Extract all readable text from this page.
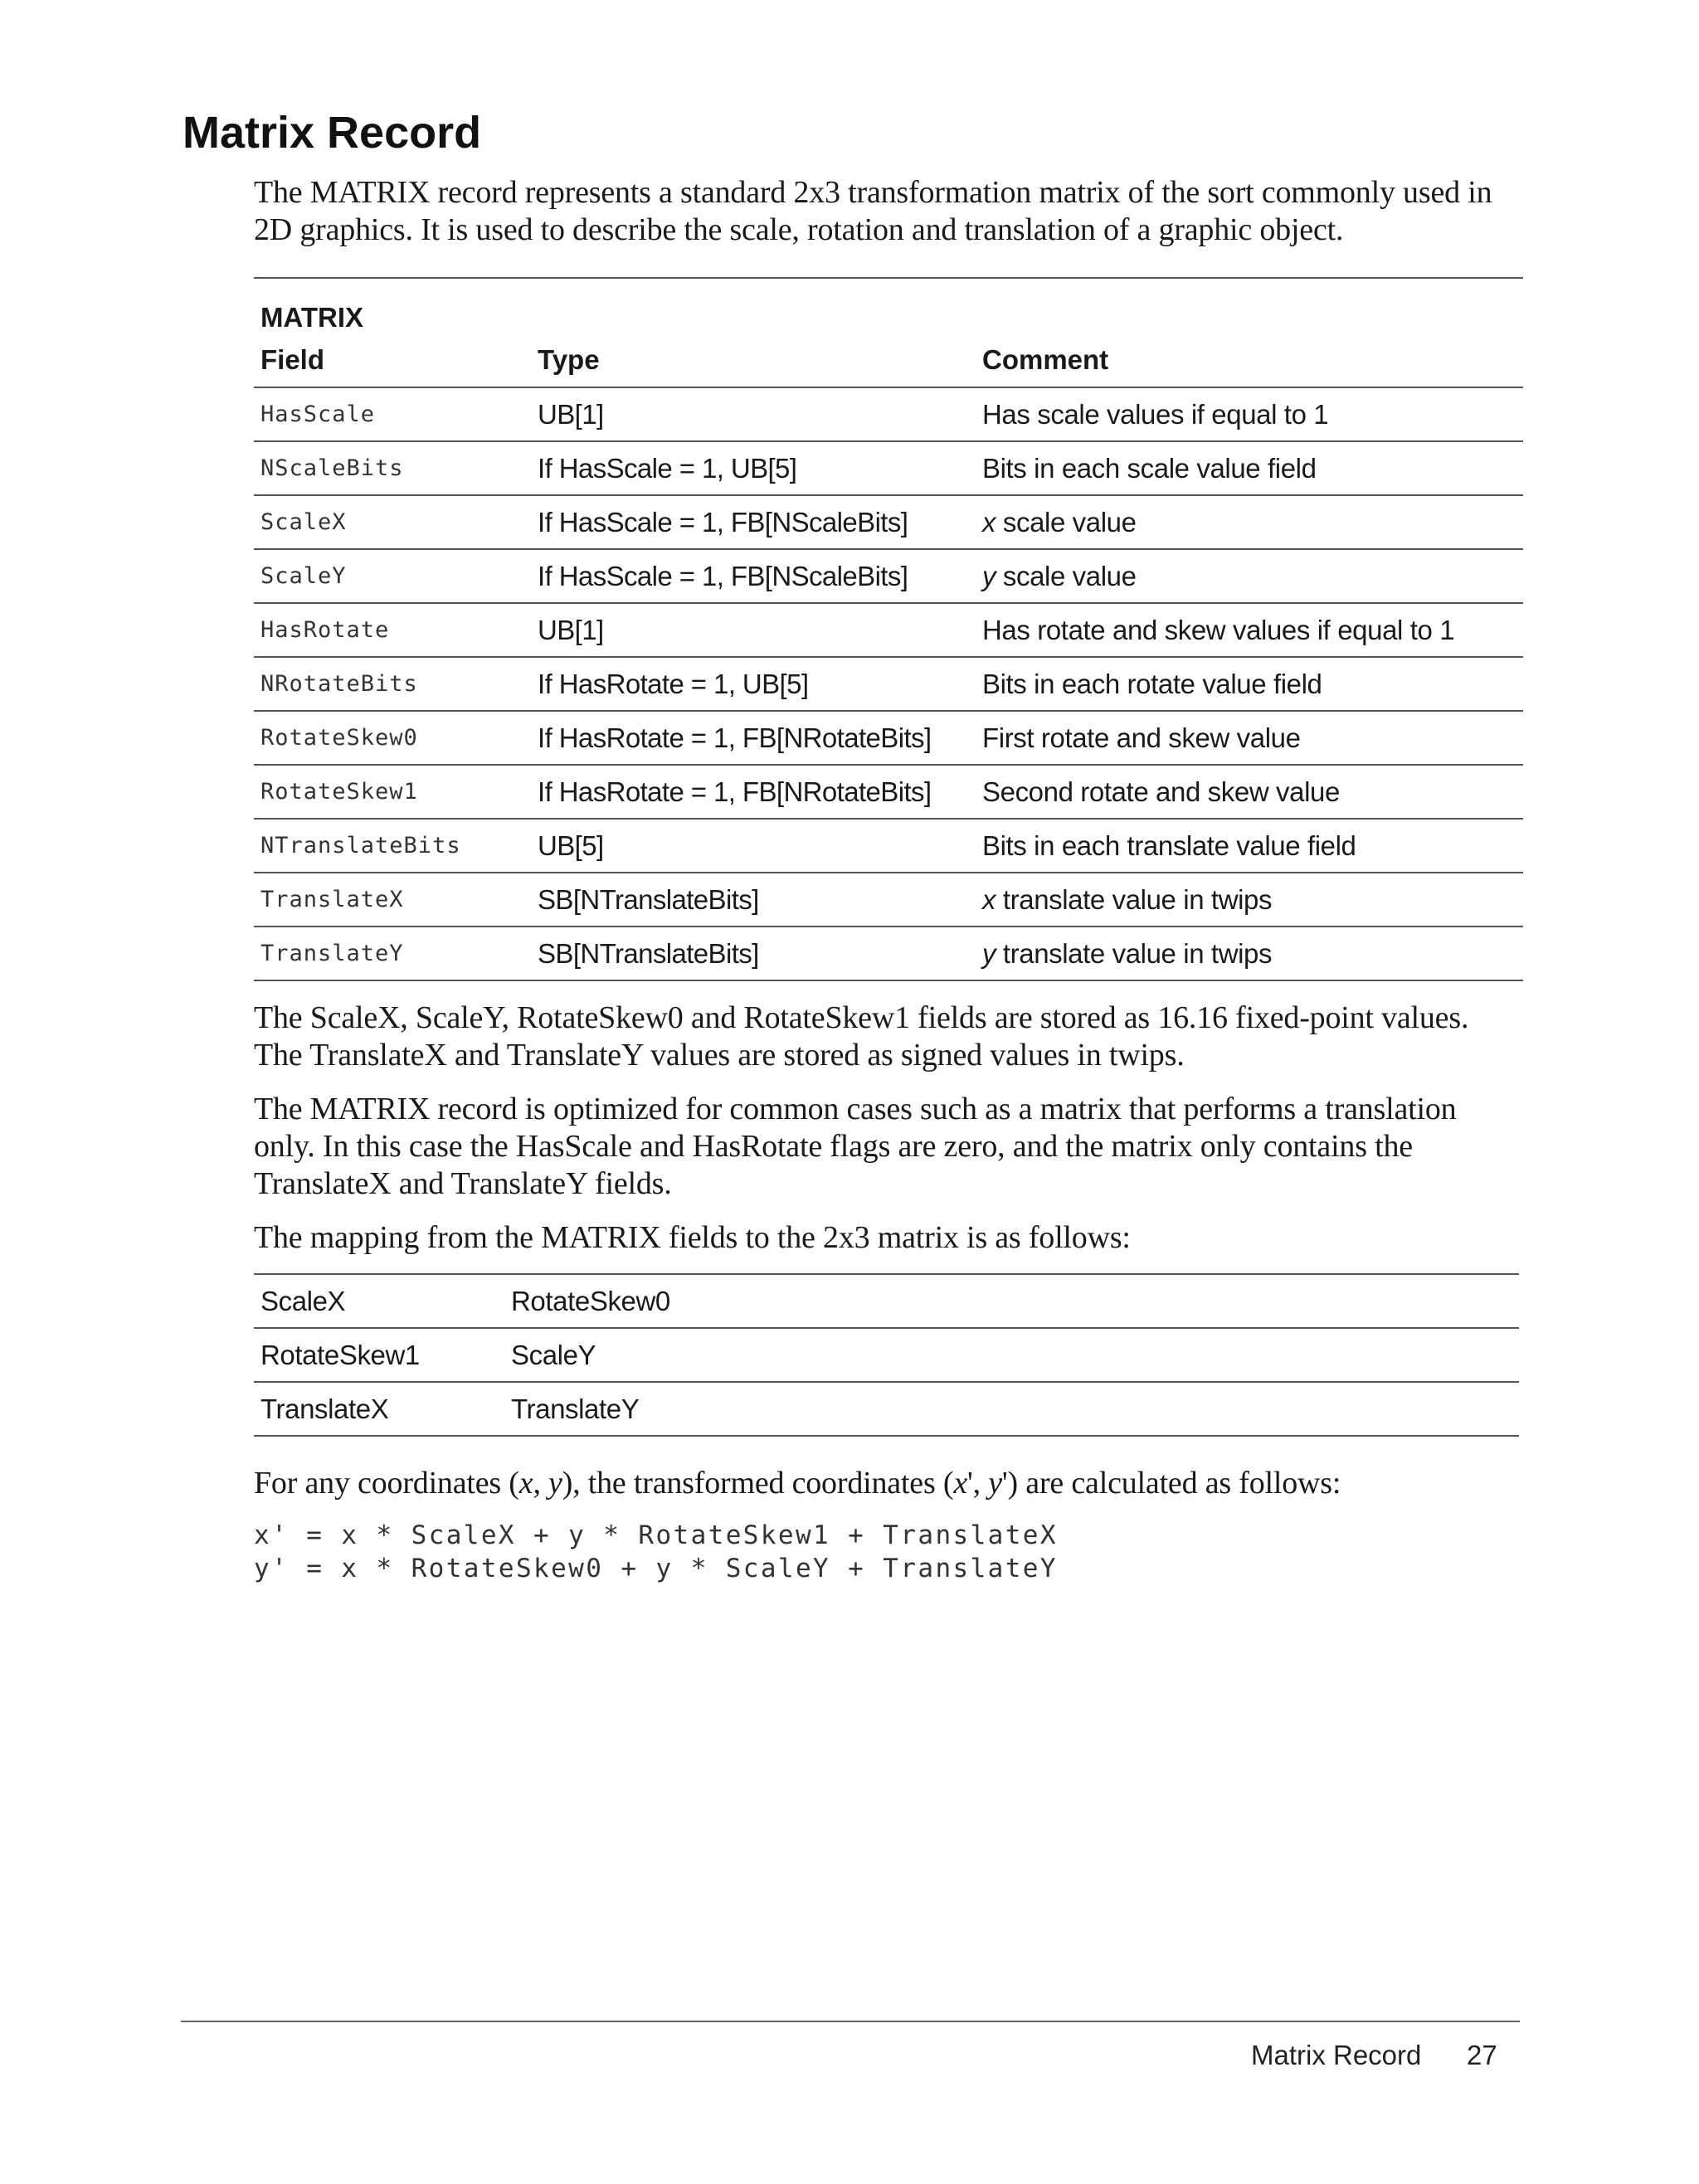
Matrix Record

The MATRIX record represents a standard 2x3 transformation matrix of the sort commonly used in 2D graphics. It is used to describe the scale, rotation and translation of a graphic object.

MATRIX		
Field	Type	Comment
HasScale	UB[1]	Has scale values if equal to 1
NScaleBits	If HasScale = 1, UB[5]	Bits in each scale value field
ScaleX	If HasScale = 1, FB[NScaleBits]	x scale value
ScaleY	If HasScale = 1, FB[NScaleBits]	y scale value
HasRotate	UB[1]	Has rotate and skew values if equal to 1
NRotateBits	If HasRotate = 1, UB[5]	Bits in each rotate value field
RotateSkew0	If HasRotate = 1, FB[NRotateBits]	First rotate and skew value
RotateSkew1	If HasRotate = 1, FB[NRotateBits]	Second rotate and skew value
NTranslateBits	UB[5]	Bits in each translate value field
TranslateX	SB[NTranslateBits]	x translate value in twips
TranslateY	SB[NTranslateBits]	y translate value in twips

The ScaleX, ScaleY, RotateSkew0 and RotateSkew1 fields are stored as 16.16 fixed-point values. The TranslateX and TranslateY values are stored as signed values in twips.

The MATRIX record is optimized for common cases such as a matrix that performs a translation only. In this case the HasScale and HasRotate flags are zero, and the matrix only contains the TranslateX and TranslateY fields.

The mapping from the MATRIX fields to the 2x3 matrix is as follows:

ScaleX	RotateSkew0
RotateSkew1	ScaleY
TranslateX	TranslateY

For any coordinates (x, y), the transformed coordinates (x', y') are calculated as follows:

x' = x * ScaleX + y * RotateSkew1 + TranslateX
y' = x * RotateSkew0 + y * ScaleY + TranslateY
Matrix Record 27
